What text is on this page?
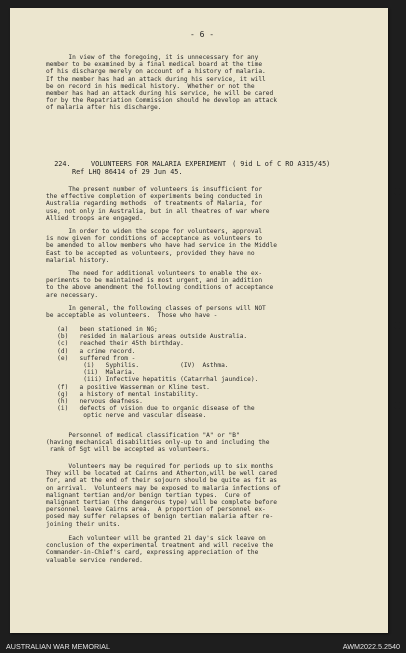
- 6 -
In view of the foregoing, it is unnecessary for any
member to be examined by a final medical board at the time
of his discharge merely on account of a history of malaria.
If the member has had an attack during his service, it will
be on record in his medical history.  Whether or not the
member has had an attack during his service, he will be cared
for by the Repatriation Commission should he develop an attack
of malaria after his discharge.

224.     VOLUNTEERS FOR MALARIA EXPERIMENT ( 9id L of C RO A315/45)

Ref LHQ 86414 of 29 Jun 45.
The present number of volunteers is insufficient for
the effective completion of experiments being conducted in
Australia regarding methods  of treatments of Malaria, for
use, not only in Australia, but in all theatres of war where
Allied troops are engaged.
In order to widen the scope for volunteers, approval
is now given for conditions of acceptance as volunteers to
be amended to allow members who have had service in the Middle
East to be accepted as volunteers, provided they have no
malarial history.
The need for additional volunteers to enable the ex-
periments to be maintained is most urgent, and in addition
to the above amendment the following conditions of acceptance
are necessary.
In general, the following classes of persons will NOT
be acceptable as volunteers.  Those who have -
(a)   been stationed in NG;
(b)   resided in malarious areas outside Australia.
(c)   reached their 45th birthday.
(d)   a crime record.
(e)   suffered from -
(i)   Syphilis.           (IV)  Asthma.
(ii)  Malaria.
(iii) Infective hepatitis (Catarrhal jaundice).
(f)   a positive Wasserman or Kline test.
(g)   a history of mental instability.
(h)   nervous deafness.
(i)   defects of vision due to organic disease of the
optic nerve and vascular disease.
Personnel of medical classification "A" or "B"
(having mechanical disabilities only-up to and including the
rank of Sgt will be accepted as volunteers.
Volunteers may be required for periods up to six months
They will be located at Cairns and Atherton,will be well cared
for, and at the end of their sojourn should be quite as fit as
on arrival.  Volunteers may be exposed to malaria infections of
malignant tertian and/or benign tertian types.  Cure of
malignant tertian (the dangerous type) will be complete before
personnel leave Cairns area.  A proportion of personnel ex-
posed may suffer relapses of benign tertian malaria after re-
joining their units.
Each volunteer will be granted 21 day's sick leave on
conclusion of the experimental treatment and will receive the
Commander-in-Chief's card, expressing appreciation of the
valuable service rendered.
AUSTRALIAN WAR MEMORIAL	AWM2022.5.2540
